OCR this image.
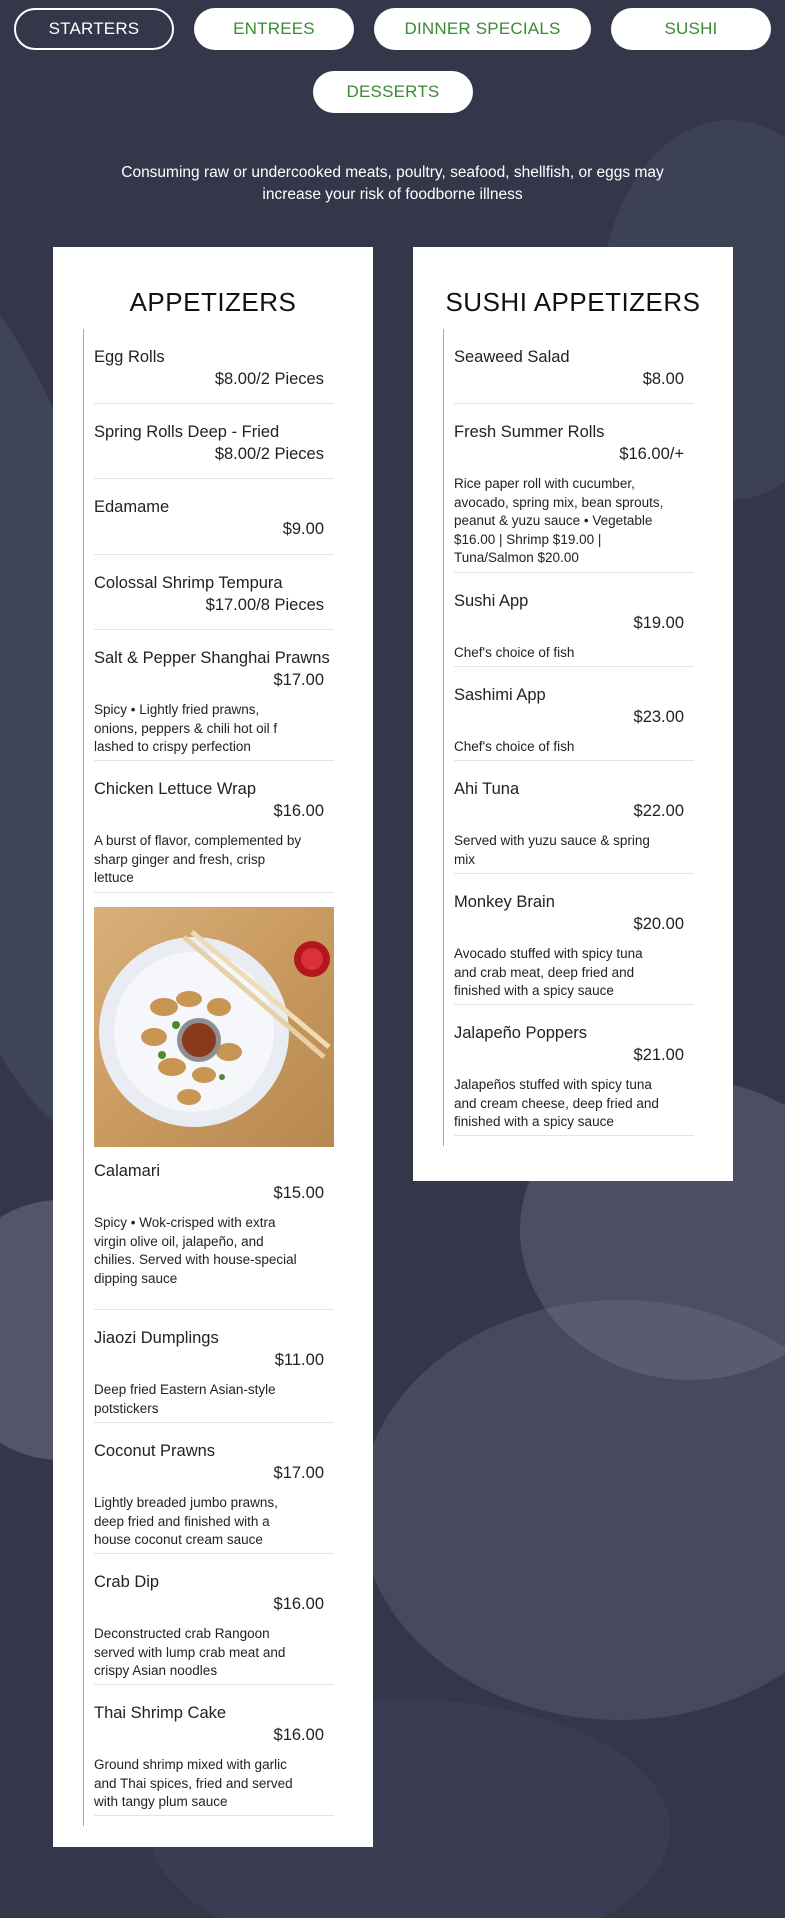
STARTERS	ENTREES	DINNER SPECIALS	SUSHI
DESSERTS
Consuming raw or undercooked meats, poultry, seafood, shellfish, or eggs may increase your risk of foodborne illness
APPETIZERS
Egg Rolls
$8.00/2 Pieces
Spring Rolls Deep - Fried
$8.00/2 Pieces
Edamame
$9.00
Colossal Shrimp Tempura
$17.00/8 Pieces
Salt & Pepper Shanghai Prawns
$17.00
Spicy • Lightly fried prawns, onions, peppers & chili hot oil f lashed to crispy perfection
Chicken Lettuce Wrap
$16.00
A burst of flavor, complemented by sharp ginger and fresh, crisp lettuce
Calamari
$15.00
Spicy • Wok-crisped with extra virgin olive oil, jalapeño, and chilies. Served with house-special dipping sauce
Jiaozi Dumplings
$11.00
Deep fried Eastern Asian-style potstickers
Coconut Prawns
$17.00
Lightly breaded jumbo prawns, deep fried and finished with a house coconut cream sauce
Crab Dip
$16.00
Deconstructed crab Rangoon served with lump crab meat and crispy Asian noodles
Thai Shrimp Cake
$16.00
Ground shrimp mixed with garlic and Thai spices, fried and served with tangy plum sauce
SUSHI APPETIZERS
Seaweed Salad
$8.00
Fresh Summer Rolls
$16.00/+
Rice paper roll with cucumber, avocado, spring mix, bean sprouts, peanut & yuzu sauce • Vegetable $16.00 | Shrimp $19.00 | Tuna/Salmon $20.00
Sushi App
$19.00
Chef's choice of fish
Sashimi App
$23.00
Chef's choice of fish
Ahi Tuna
$22.00
Served with yuzu sauce & spring mix
Monkey Brain
$20.00
Avocado stuffed with spicy tuna and crab meat, deep fried and finished with a spicy sauce
Jalapeño Poppers
$21.00
Jalapeños stuffed with spicy tuna and cream cheese, deep fried and finished with a spicy sauce
